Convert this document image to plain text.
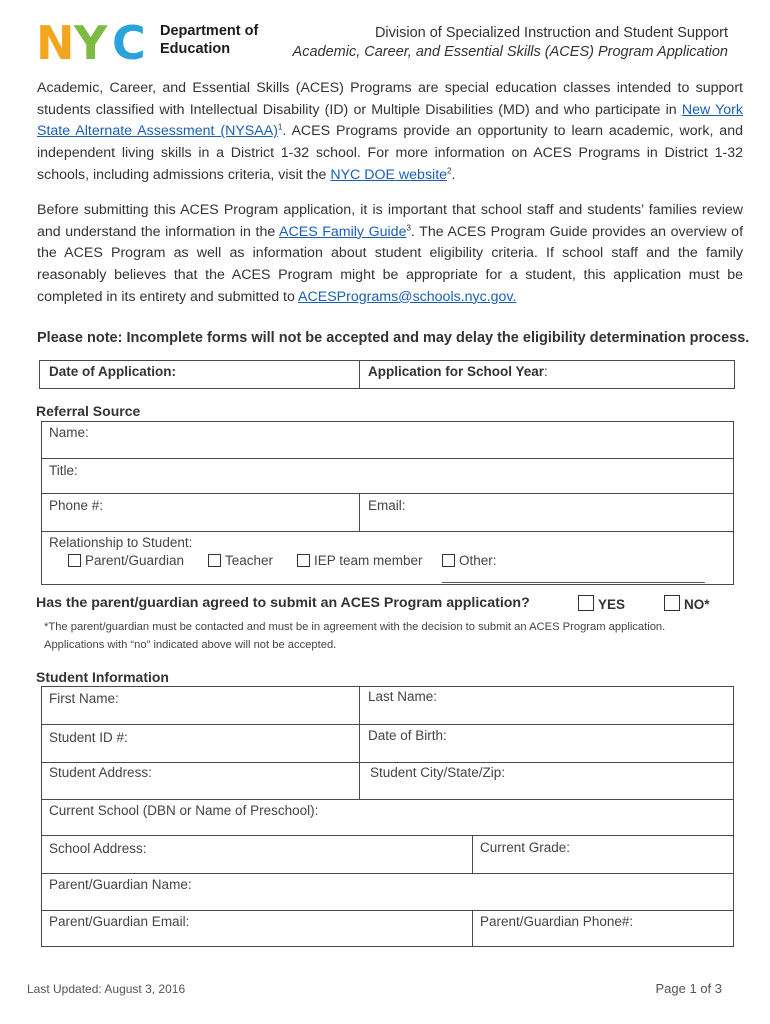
N Y C Department of
Education
Division of Specialized Instruction and Student Support
Academic, Career, and Essential Skills (ACES) Program Application
Academic, Career, and Essential Skills (ACES) Programs are special education classes intended to support students classified with Intellectual Disability (ID) or Multiple Disabilities (MD) and who participate in New York State Alternate Assessment (NYSAA)$^1$. ACES Programs provide an opportunity to learn academic, work, and independent living skills in a District 1-32 school. For more information on ACES Programs in District 1-32 schools, including admissions criteria, visit the NYC DOE website$^2$.
Before submitting this ACES Program application, it is important that school staff and students’ families review and understand the information in the ACES Family Guide$^3$. The ACES Program Guide provides an overview of the ACES Program as well as information about student eligibility criteria. If school staff and the family reasonably believes that the ACES Program might be appropriate for a student, this application must be completed in its entirety and submitted to ACESPrograms@schools.nyc.gov.
Please note: Incomplete forms will not be accepted and may delay the eligibility determination process.
Date of Application:	Application for School Year:
Referral Source
Name:
Title:
Phone #:	Email:
Relationship to Student:
Parent/Guardian	Teacher	IEP team member	Other: ___________________________________
Has the parent/guardian agreed to submit an ACES Program application?	YES	NO*
*The parent/guardian must be contacted and must be in agreement with the decision to submit an ACES Program application.
Applications with “no” indicated above will not be accepted.
Student Information
First Name:	Last Name:
Student ID #:	Date of Birth:
Student Address:	Student City/State/Zip:
Current School (DBN or Name of Preschool):
School Address:	Current Grade:
Parent/Guardian Name:
Parent/Guardian Email:	Parent/Guardian Phone#:
Last Updated: August 3, 2016	Page 1 of 3
